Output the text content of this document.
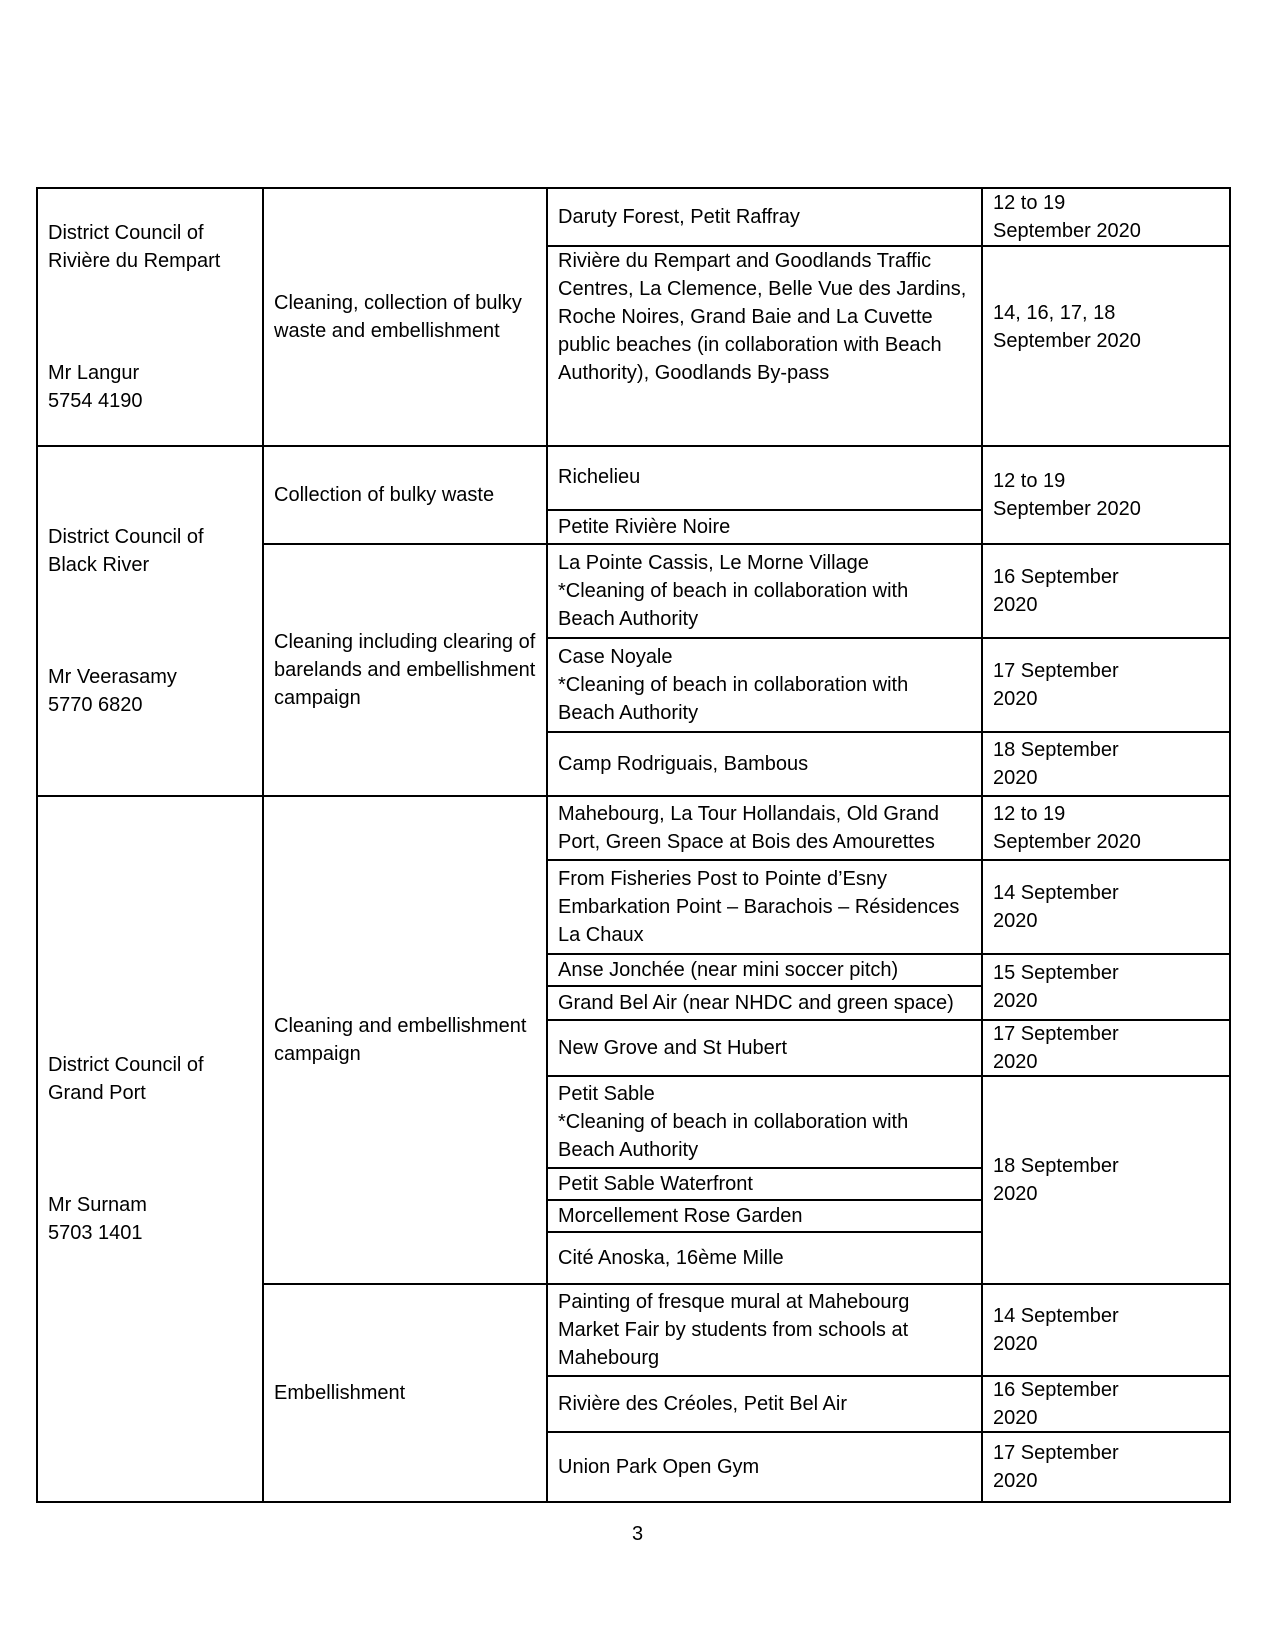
District Council of
Rivière du Rempart

Mr Langur
5754 4190

Cleaning, collection of bulky
waste and embellishment
Daruty Forest, Petit Raffray
12 to 19
September 2020
Rivière du Rempart and Goodlands Traffic
Centres, La Clemence, Belle Vue des Jardins,
Roche Noires, Grand Baie and La Cuvette
public beaches (in collaboration with Beach
Authority), Goodlands By-pass
14, 16, 17, 18
September 2020

District Council of
Black River

Mr Veerasamy
5770 6820

Collection of bulky waste
Cleaning including clearing of
barelands and embellishment
campaign
Richelieu
Petite Rivière Noire
12 to 19
September 2020
La Pointe Cassis, Le Morne Village
*Cleaning of beach in collaboration with
Beach Authority
16 September
2020
Case Noyale
*Cleaning of beach in collaboration with
Beach Authority
17 September
2020
Camp Rodriguais, Bambous
18 September
2020

District Council of
Grand Port

Mr Surnam
5703 1401

Cleaning and embellishment
campaign
Embellishment
Mahebourg, La Tour Hollandais, Old Grand
Port, Green Space at Bois des Amourettes
12 to 19
September 2020
From Fisheries Post to Pointe d’Esny
Embarkation Point – Barachois – Résidences
La Chaux
14 September
2020
Anse Jonchée (near mini soccer pitch)
Grand Bel Air (near NHDC and green space)
15 September
2020
New Grove and St Hubert
17 September
2020
Petit Sable
*Cleaning of beach in collaboration with
Beach Authority
Petit Sable Waterfront
Morcellement Rose Garden
Cité Anoska, 16ème Mille
18 September
2020
Painting of fresque mural at Mahebourg
Market Fair by students from schools at
Mahebourg
14 September
2020
Rivière des Créoles, Petit Bel Air
16 September
2020
Union Park Open Gym
17 September
2020
3
